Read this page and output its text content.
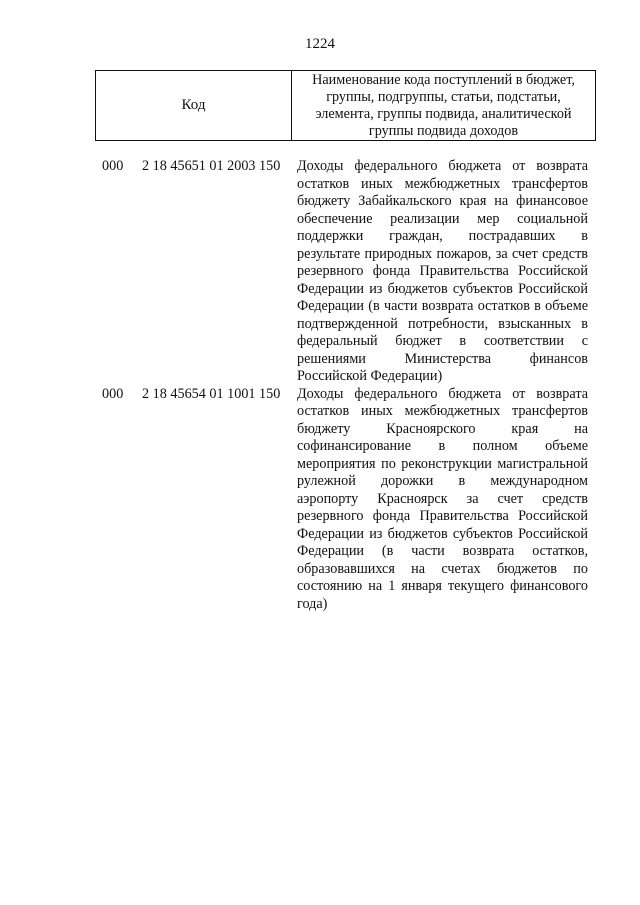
1224
Код
Наименование кода поступлений в бюджет, группы, подгруппы, статьи, подстатьи, элемента, группы подвида, аналитической группы подвида доходов
000 2 18 45651 01 2003 150 Доходы федерального бюджета от возврата остатков иных межбюджетных трансфертов бюджету Забайкальского края на финансовое обеспечение реализации мер социальной поддержки граждан, пострадавших в результате природных пожаров, за счет средств резервного фонда Правительства Российской Федерации из бюджетов субъектов Российской Федерации (в части возврата остатков в объеме подтвержденной потребности, взысканных в федеральный бюджет в соответствии с решениями Министерства финансов Российской Федерации)
000 2 18 45654 01 1001 150 Доходы федерального бюджета от возврата остатков иных межбюджетных трансфертов бюджету Красноярского края на софинансирование в полном объеме мероприятия по реконструкции магистральной рулежной дорожки в международном аэропорту Красноярск за счет средств резервного фонда Правительства Российской Федерации из бюджетов субъектов Российской Федерации (в части возврата остатков, образовавшихся на счетах бюджетов по состоянию на 1 января текущего финансового года)
